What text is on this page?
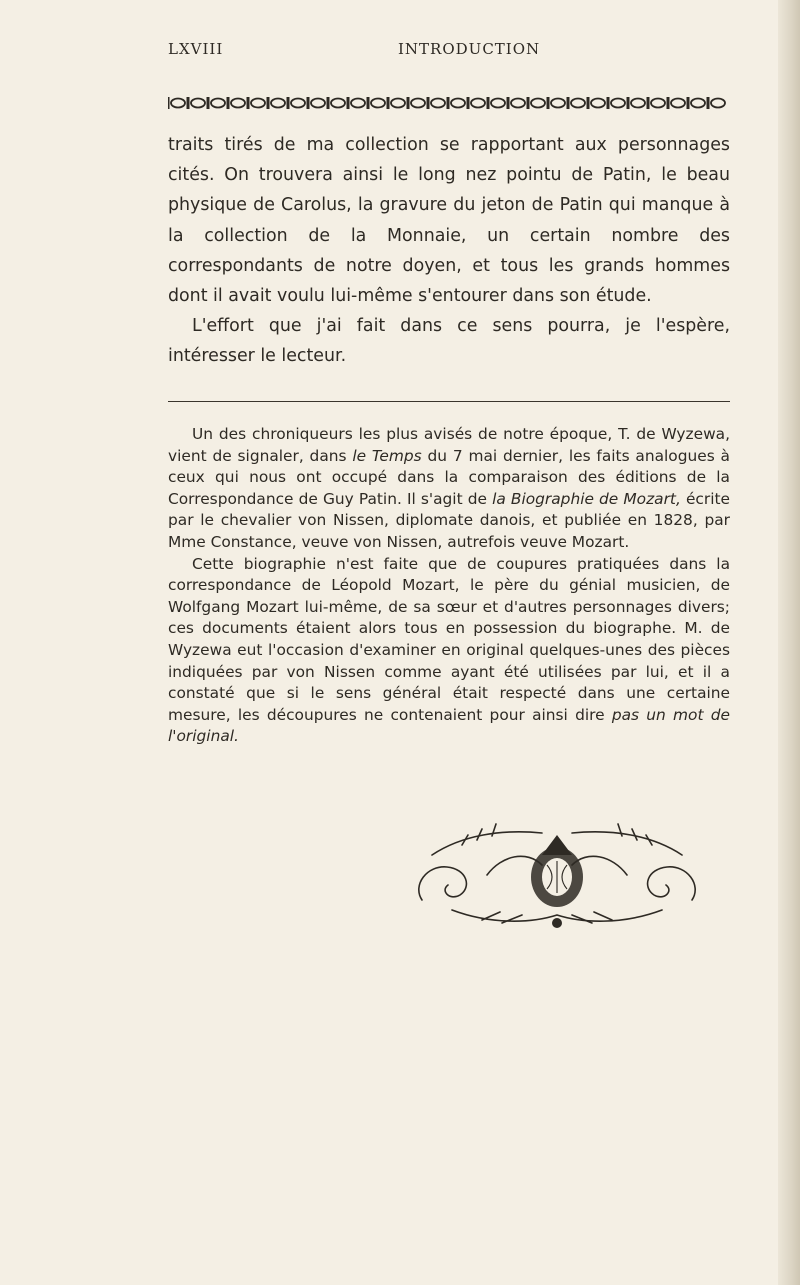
LXVIII	INTRODUCTION

traits tirés de ma collection se rapportant aux personnages cités. On trouvera ainsi le long nez pointu de Patin, le beau physique de Carolus, la gravure du jeton de Patin qui manque à la collection de la Monnaie, un certain nombre des correspondants de notre doyen, et tous les grands hommes dont il avait voulu lui-même s'entourer dans son étude.

L'effort que j'ai fait dans ce sens pourra, je l'espère, intéresser le lecteur.

Un des chroniqueurs les plus avisés de notre époque, T. de Wyzewa, vient de signaler, dans le Temps du 7 mai dernier, les faits analogues à ceux qui nous ont occupé dans la comparaison des éditions de la Correspondance de Guy Patin. Il s'agit de la Biographie de Mozart, écrite par le chevalier von Nissen, diplomate danois, et publiée en 1828, par Mme Constance, veuve von Nissen, autrefois veuve Mozart.

Cette biographie n'est faite que de coupures pratiquées dans la correspondance de Léopold Mozart, le père du génial musicien, de Wolfgang Mozart lui-même, de sa sœur et d'autres personnages divers; ces documents étaient alors tous en possession du biographe. M. de Wyzewa eut l'occasion d'examiner en original quelques-unes des pièces indiquées par von Nissen comme ayant été utilisées par lui, et il a constaté que si le sens général était respecté dans une certaine mesure, les découpures ne contenaient pour ainsi dire pas un mot de l'original.
